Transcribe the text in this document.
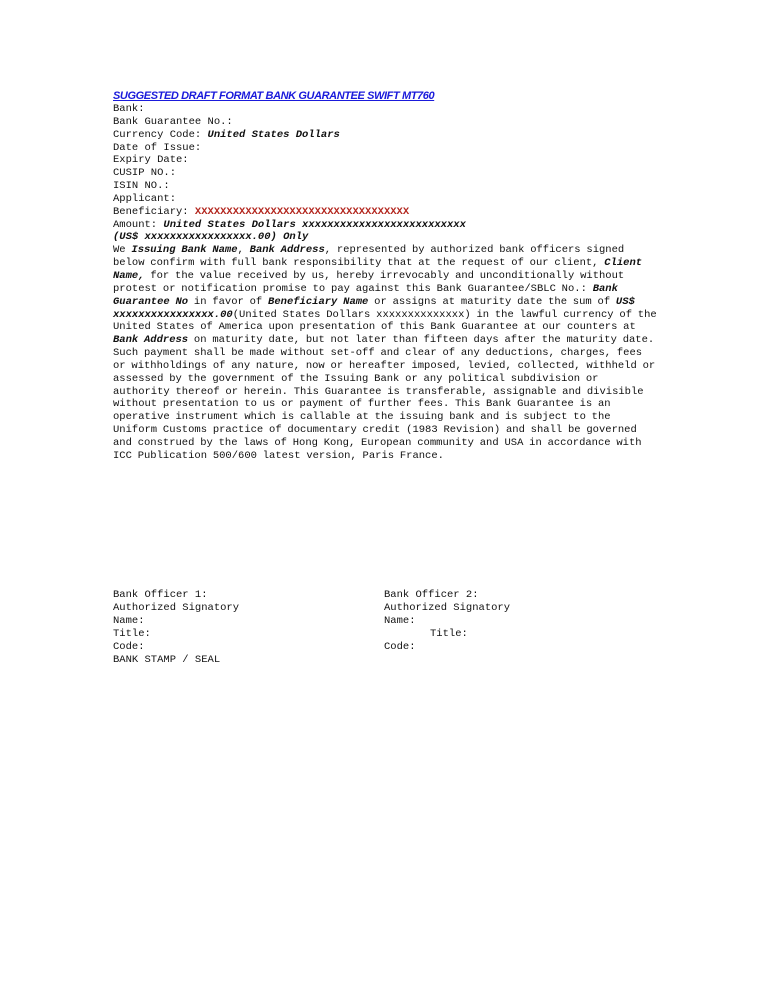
SUGGESTED DRAFT FORMAT BANK GUARANTEE SWIFT MT760
Bank:
Bank Guarantee No.:
Currency Code: United States Dollars
Date of Issue:
Expiry Date:
CUSIP NO.:
ISIN NO.:
Applicant:
Beneficiary: XXXXXXXXXXXXXXXXXXXXXXXXXXXXXXXXXX
Amount: United States Dollars xxxxxxxxxxxxxxxxxxxxxxxxxx
(US$ xxxxxxxxxxxxxxxxx.00) Only
We Issuing Bank Name, Bank Address, represented by authorized bank officers signed below confirm with full bank responsibility that at the request of our client, Client Name, for the value received by us, hereby irrevocably and unconditionally without protest or notification promise to pay against this Bank Guarantee/SBLC No.: Bank Guarantee No in favor of Beneficiary Name or assigns at maturity date the sum of US$ xxxxxxxxxxxxxxxx.00(United States Dollars xxxxxxxxxxxxxx) in the lawful currency of the United States of America upon presentation of this Bank Guarantee at our counters at Bank Address on maturity date, but not later than fifteen days after the maturity date. Such payment shall be made without set-off and clear of any deductions, charges, fees or withholdings of any nature, now or hereafter imposed, levied, collected, withheld or assessed by the government of the Issuing Bank or any political subdivision or authority thereof or herein. This Guarantee is transferable, assignable and divisible without presentation to us or payment of further fees. This Bank Guarantee is an operative instrument which is callable at the issuing bank and is subject to the Uniform Customs practice of documentary credit (1983 Revision) and shall be governed and construed by the laws of Hong Kong, European community and USA in accordance with ICC Publication 500/600 latest version, Paris France.
Bank Officer 1:
Authorized Signatory
Name:
Title:
Code:
BANK STAMP / SEAL
Bank Officer 2:
Authorized Signatory
Name:
Title:
Code:
